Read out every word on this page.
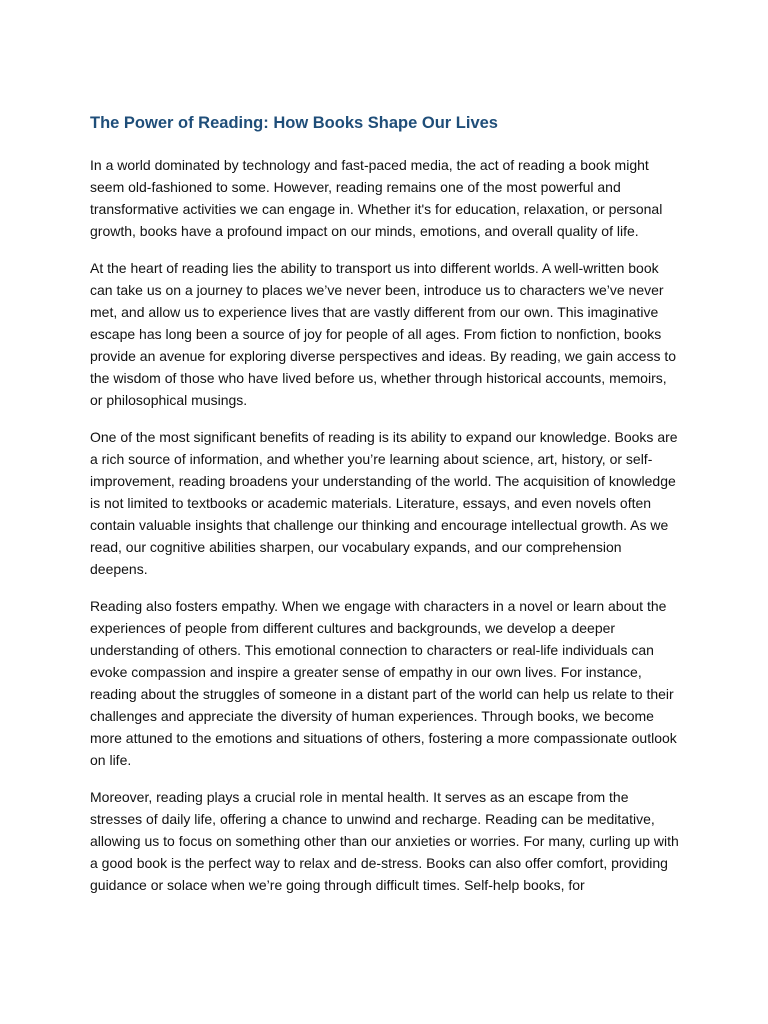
The Power of Reading: How Books Shape Our Lives

In a world dominated by technology and fast-paced media, the act of reading a book might seem old-fashioned to some. However, reading remains one of the most powerful and transformative activities we can engage in. Whether it's for education, relaxation, or personal growth, books have a profound impact on our minds, emotions, and overall quality of life.

At the heart of reading lies the ability to transport us into different worlds. A well-written book can take us on a journey to places we’ve never been, introduce us to characters we’ve never met, and allow us to experience lives that are vastly different from our own. This imaginative escape has long been a source of joy for people of all ages. From fiction to nonfiction, books provide an avenue for exploring diverse perspectives and ideas. By reading, we gain access to the wisdom of those who have lived before us, whether through historical accounts, memoirs, or philosophical musings.

One of the most significant benefits of reading is its ability to expand our knowledge. Books are a rich source of information, and whether you’re learning about science, art, history, or self-improvement, reading broadens your understanding of the world. The acquisition of knowledge is not limited to textbooks or academic materials. Literature, essays, and even novels often contain valuable insights that challenge our thinking and encourage intellectual growth. As we read, our cognitive abilities sharpen, our vocabulary expands, and our comprehension deepens.

Reading also fosters empathy. When we engage with characters in a novel or learn about the experiences of people from different cultures and backgrounds, we develop a deeper understanding of others. This emotional connection to characters or real-life individuals can evoke compassion and inspire a greater sense of empathy in our own lives. For instance, reading about the struggles of someone in a distant part of the world can help us relate to their challenges and appreciate the diversity of human experiences. Through books, we become more attuned to the emotions and situations of others, fostering a more compassionate outlook on life.

Moreover, reading plays a crucial role in mental health. It serves as an escape from the stresses of daily life, offering a chance to unwind and recharge. Reading can be meditative, allowing us to focus on something other than our anxieties or worries. For many, curling up with a good book is the perfect way to relax and de-stress. Books can also offer comfort, providing guidance or solace when we’re going through difficult times. Self-help books, for
